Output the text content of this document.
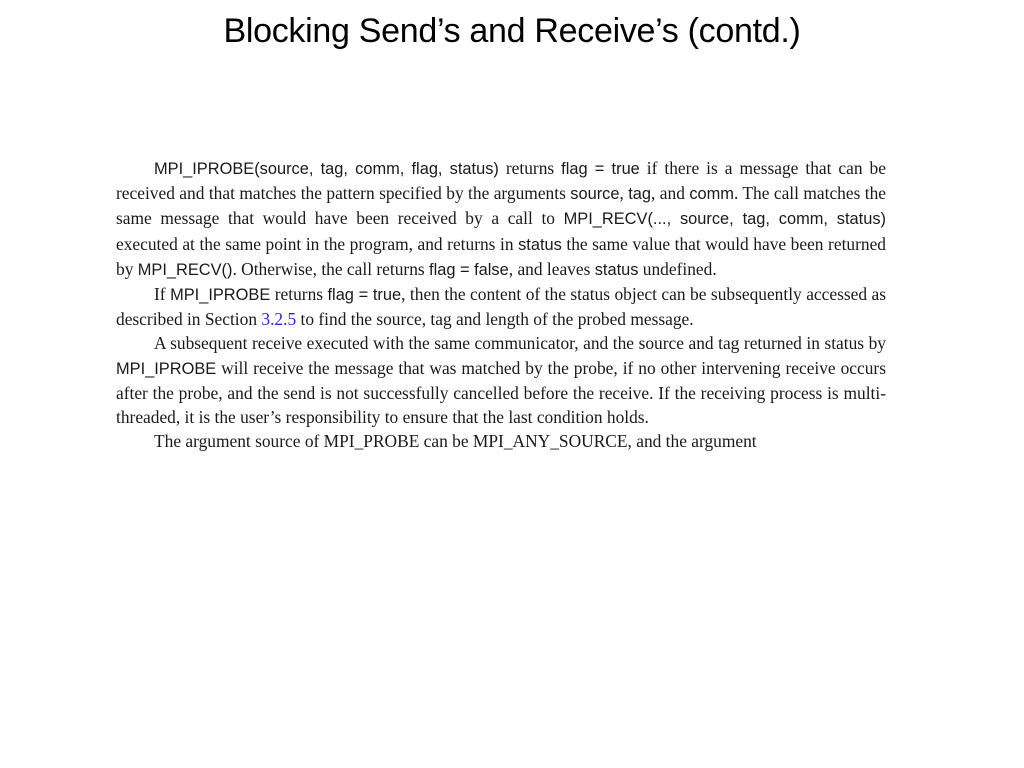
Blocking Send’s and Receive’s (contd.)

MPI_IPROBE(source, tag, comm, flag, status) returns flag = true if there is a message that can be received and that matches the pattern specified by the arguments source, tag, and comm. The call matches the same message that would have been received by a call to MPI_RECV(..., source, tag, comm, status) executed at the same point in the program, and returns in status the same value that would have been returned by MPI_RECV(). Otherwise, the call returns flag = false, and leaves status undefined.

If MPI_IPROBE returns flag = true, then the content of the status object can be subsequently accessed as described in Section 3.2.5 to find the source, tag and length of the probed message.

A subsequent receive executed with the same communicator, and the source and tag returned in status by MPI_IPROBE will receive the message that was matched by the probe, if no other intervening receive occurs after the probe, and the send is not successfully cancelled before the receive. If the receiving process is multi-threaded, it is the user’s responsibility to ensure that the last condition holds.

The argument source of MPI_PROBE can be MPI_ANY_SOURCE, and the argument
